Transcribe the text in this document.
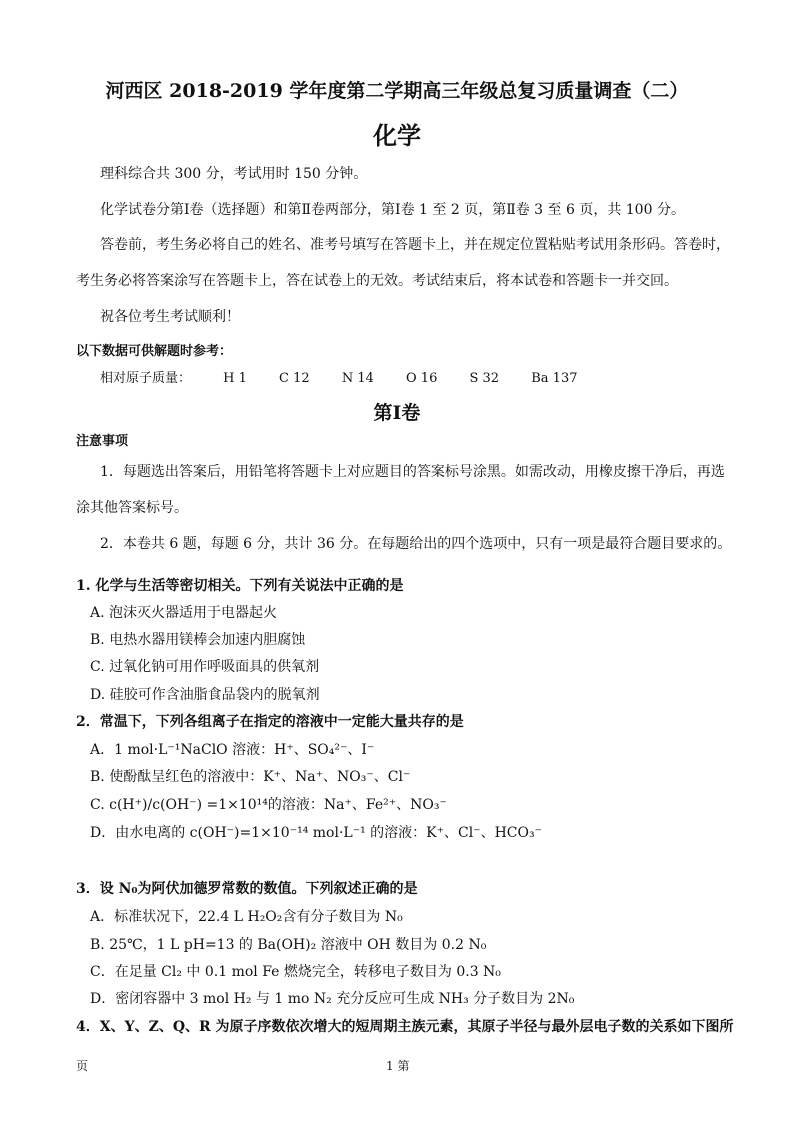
河西区 2018-2019 学年度第二学期高三年级总复习质量调查（二）
化学
理科综合共 300 分，考试用时 150 分钟。
化学试卷分第Ⅰ卷（选择题）和第Ⅱ卷两部分，第Ⅰ卷 1 至 2 页，第Ⅱ卷 3 至 6 页，共 100 分。
答卷前，考生务必将自己的姓名、准考号填写在答题卡上，并在规定位置粘贴考试用条形码。答卷时，
考生务必将答案涂写在答题卡上，答在试卷上的无效。考试结束后，将本试卷和答题卡一并交回。
祝各位考生考试顺利！
以下数据可供解题时参考：
相对原子质量： H 1 C 12 N 14 O 16 S 32 Ba 137
第Ⅰ卷
注意事项
1．每题选出答案后，用铅笔将答题卡上对应题目的答案标号涂黑。如需改动，用橡皮擦干净后，再选
涂其他答案标号。
2．本卷共 6 题，每题 6 分，共计 36 分。在每题给出的四个选项中，只有一项是最符合题目要求的。
1. 化学与生活等密切相关。下列有关说法中正确的是
A. 泡沫灭火器适用于电器起火
B. 电热水器用镁棒会加速内胆腐蚀
C. 过氧化钠可用作呼吸面具的供氧剂
D. 硅胶可作含油脂食品袋内的脱氧剂
2．常温下，下列各组离子在指定的溶液中一定能大量共存的是
A．1 mol·L⁻¹NaClO 溶液：H⁺、SO₄²⁻、I⁻
B. 使酚酞呈红色的溶液中：K⁺、Na⁺、NO₃⁻、Cl⁻
C. c(H⁺)/c(OH⁻) =1×10¹⁴的溶液：Na⁺、Fe²⁺、NO₃⁻
D．由水电离的 c(OH⁻)=1×10⁻¹⁴ mol·L⁻¹ 的溶液：K⁺、Cl⁻、HCO₃⁻
3．设 N₀为阿伏加德罗常数的数值。下列叙述正确的是
A．标准状况下，22.4 L H₂O₂含有分子数目为 N₀
B. 25℃，1 L pH=13 的 Ba(OH)₂ 溶液中 OH 数目为 0.2 N₀
C．在足量 Cl₂ 中 0.1 mol Fe 燃烧完全，转移电子数目为 0.3 N₀
D．密闭容器中 3 mol H₂ 与 1 mo N₂ 充分反应可生成 NH₃ 分子数目为 2N₀
4．X、Y、Z、Q、R 为原子序数依次增大的短周期主族元素，其原子半径与最外层电子数的关系如下图所
页	1 第
